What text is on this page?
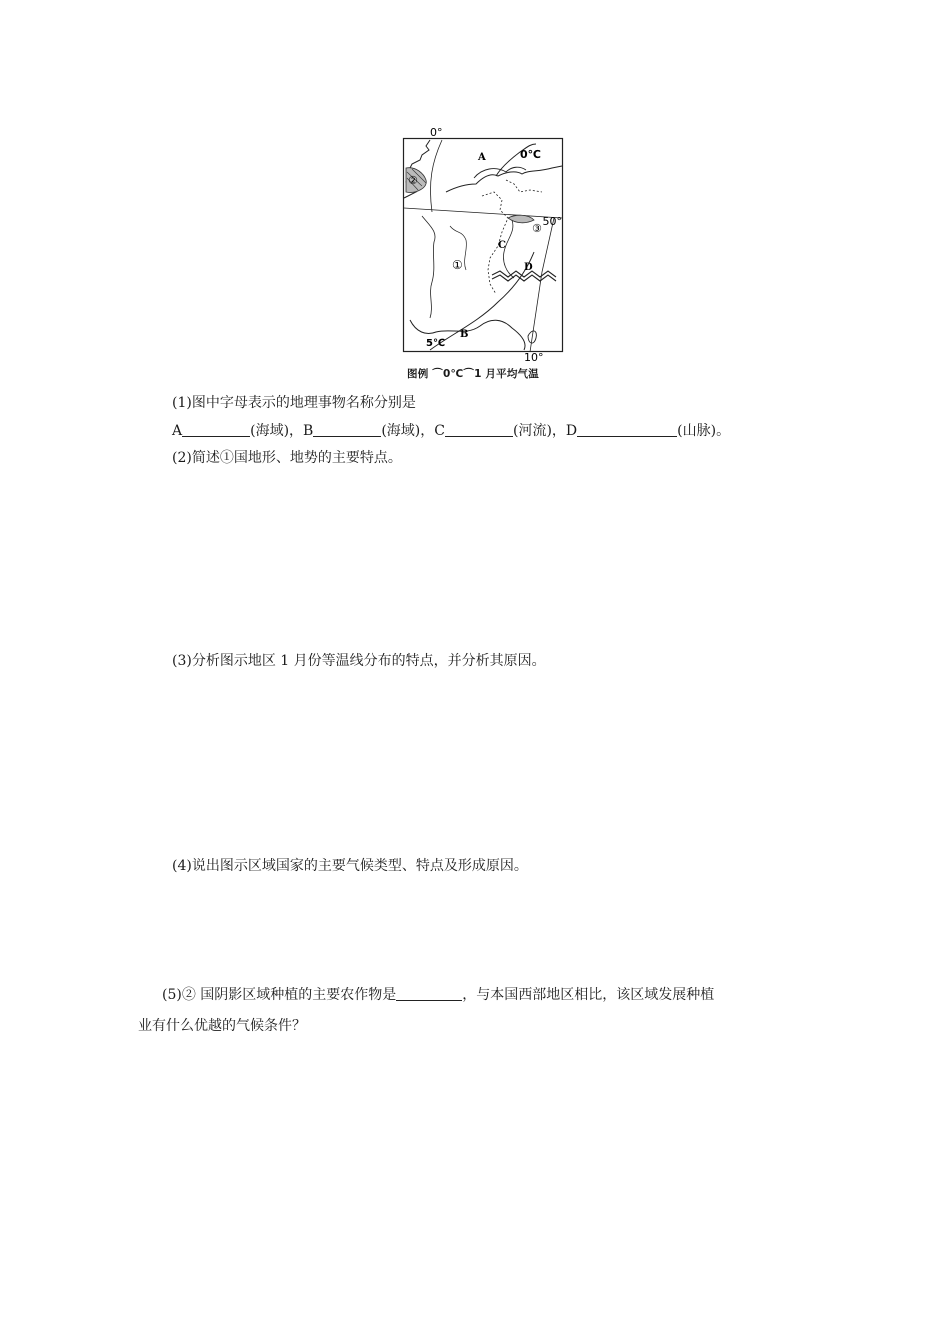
0°
10°
50°
0℃
5℃
A
B
C
D
①
②
③
图例 ⌒0℃⌒1 月平均气温
(1)图中字母表示的地理事物名称分别是
A	(海域)，B	(海域)，C	(河流)，D	(山脉)。
(2)简述①国地形、地势的主要特点。
(3)分析图示地区 1 月份等温线分布的特点，并分析其原因。
(4)说出图示区域国家的主要气候类型、特点及形成原因。
(5)② 国阴影区域种植的主要农作物是	，与本国西部地区相比，该区域发展种植
业有什么优越的气候条件？
